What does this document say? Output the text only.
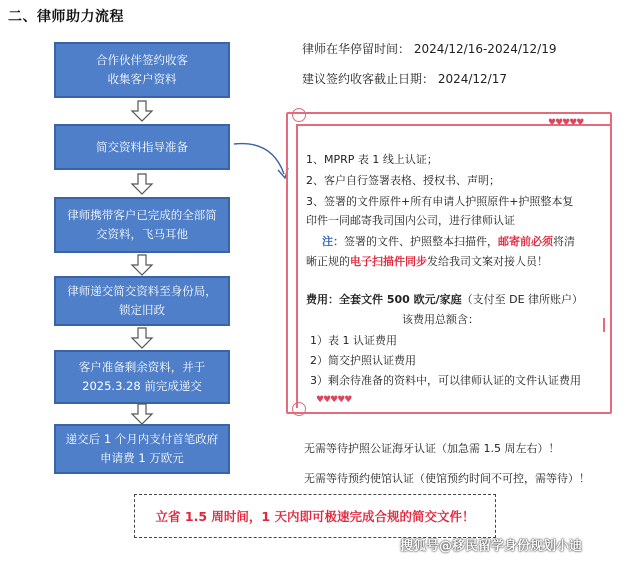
二、律师助力流程
合作伙伴签约收客
收集客户资料
简交资料指导准备
律师携带客户已完成的全部简
交资料，飞马耳他
律师递交简交资料至身份局，
锁定旧政
客户准备剩余资料，并于
2025.3.28 前完成递交
递交后 1 个月内支付首笔政府
申请费 1 万欧元
律师在华停留时间： 2024/12/16-2024/12/19
建议签约收客截止日期： 2024/12/17
♥♥♥♥♥
♥♥♥♥♥
1、MPRP 表 1 线上认证；
2、客户自行签署表格、授权书、声明；
3、签署的文件原件+所有申请人护照原件+护照整本复
印件一同邮寄我司国内公司，进行律师认证
注：签署的文件、护照整本扫描件，邮寄前必须将清
晰正规的电子扫描件同步发给我司文案对接人员！
费用：全套文件 500 欧元/家庭（支付至 DE 律所账户）
该费用总额含：
1）表 1 认证费用
2）简交护照认证费用
3）剩余待准备的资料中，可以律师认证的文件认证费用
无需等待护照公证海牙认证（加急需 1.5 周左右）！
无需等待预约使馆认证（使馆预约时间不可控，需等待）！
立省 1.5 周时间，1 天内即可极速完成合规的简交文件！
搜狐号@移民留学身份规划小迪
